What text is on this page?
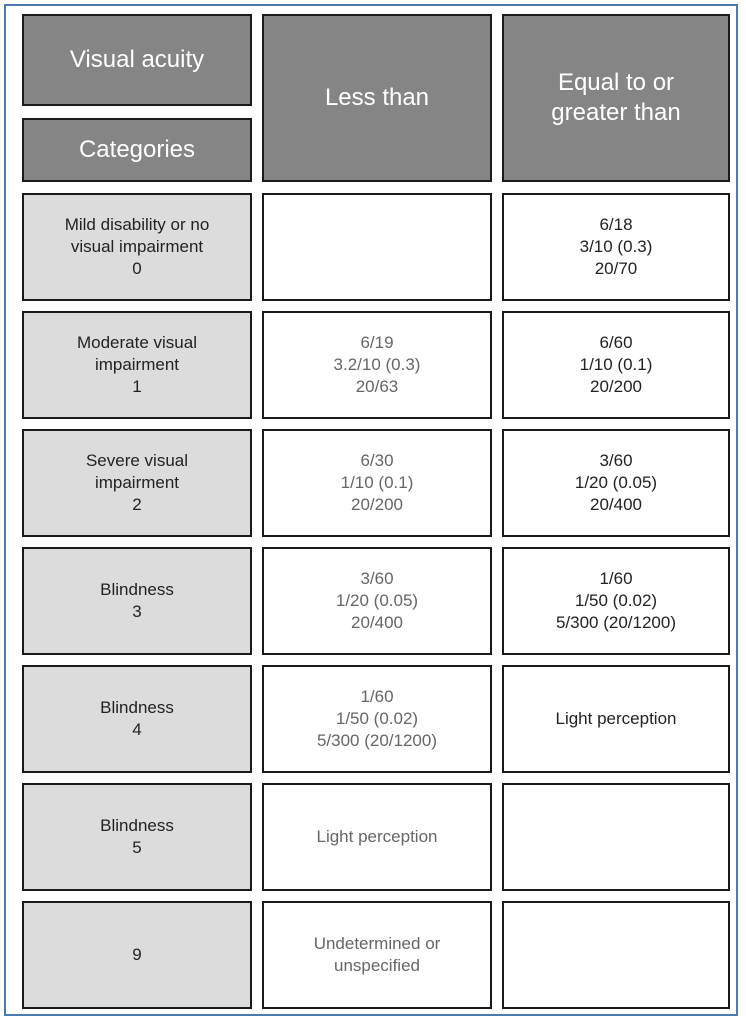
Visual acuity
Categories
Less than
Equal to or
greater than
Mild disability or no
visual impairment
0
6/18
3/10 (0.3)
20/70
Moderate visual
impairment
1
6/19
3.2/10 (0.3)
20/63
6/60
1/10 (0.1)
20/200
Severe visual
impairment
2
6/30
1/10 (0.1)
20/200
3/60
1/20 (0.05)
20/400
Blindness
3
3/60
1/20 (0.05)
20/400
1/60
1/50 (0.02)
5/300 (20/1200)
Blindness
4
1/60
1/50 (0.02)
5/300 (20/1200)
Light perception
Blindness
5
Light perception
9
Undetermined or
unspecified
